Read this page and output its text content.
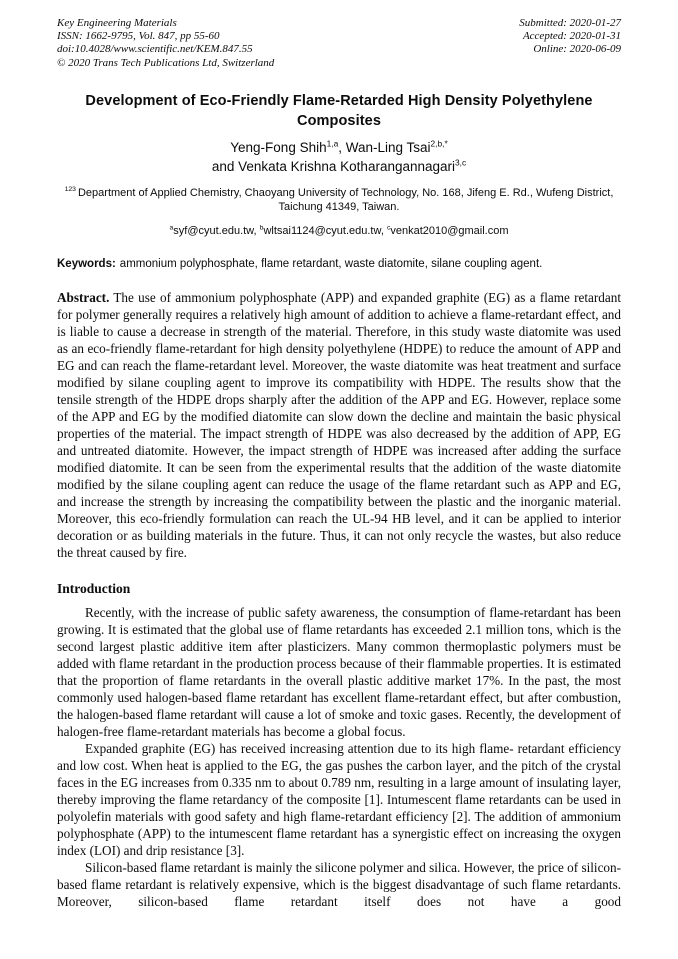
Key Engineering Materials
ISSN: 1662-9795, Vol. 847, pp 55-60
doi:10.4028/www.scientific.net/KEM.847.55
© 2020 Trans Tech Publications Ltd, Switzerland
Submitted: 2020-01-27
Accepted: 2020-01-31
Online: 2020-06-09
Development of Eco-Friendly Flame-Retarded High Density Polyethylene Composites
Yeng-Fong Shih$^{1,a}$, Wan-Ling Tsai$^{2,b,*}$
and Venkata Krishna Kotharangannagari$^{3,c}$

$^{123}$ Department of Applied Chemistry, Chaoyang University of Technology, No. 168, Jifeng E. Rd., Wufeng District, Taichung 41349, Taiwan.

$^a$syf@cyut.edu.tw, $^b$wltsai1124@cyut.edu.tw, $^c$venkat2010@gmail.com

Keywords: ammonium polyphosphate, flame retardant, waste diatomite, silane coupling agent.

Abstract. The use of ammonium polyphosphate (APP) and expanded graphite (EG) as a flame retardant for polymer generally requires a relatively high amount of addition to achieve a flame-retardant effect, and is liable to cause a decrease in strength of the material. Therefore, in this study waste diatomite was used as an eco-friendly flame-retardant for high density polyethylene (HDPE) to reduce the amount of APP and EG and can reach the flame-retardant level. Moreover, the waste diatomite was heat treatment and surface modified by silane coupling agent to improve its compatibility with HDPE. The results show that the tensile strength of the HDPE drops sharply after the addition of the APP and EG. However, replace some of the APP and EG by the modified diatomite can slow down the decline and maintain the basic physical properties of the material. The impact strength of HDPE was also decreased by the addition of APP, EG and untreated diatomite. However, the impact strength of HDPE was increased after adding the surface modified diatomite. It can be seen from the experimental results that the addition of the waste diatomite modified by the silane coupling agent can reduce the usage of the flame retardant such as APP and EG, and increase the strength by increasing the compatibility between the plastic and the inorganic material. Moreover, this eco-friendly formulation can reach the UL-94 HB level, and it can be applied to interior decoration or as building materials in the future. Thus, it can not only recycle the wastes, but also reduce the threat caused by fire.

Introduction

Recently, with the increase of public safety awareness, the consumption of flame-retardant has been growing. It is estimated that the global use of flame retardants has exceeded 2.1 million tons, which is the second largest plastic additive item after plasticizers. Many common thermoplastic polymers must be added with flame retardant in the production process because of their flammable properties. It is estimated that the proportion of flame retardants in the overall plastic additive market 17%. In the past, the most commonly used halogen-based flame retardant has excellent flame-retardant effect, but after combustion, the halogen-based flame retardant will cause a lot of smoke and toxic gases. Recently, the development of halogen-free flame-retardant materials has become a global focus.

Expanded graphite (EG) has received increasing attention due to its high flame- retardant efficiency and low cost. When heat is applied to the EG, the gas pushes the carbon layer, and the pitch of the crystal faces in the EG increases from 0.335 nm to about 0.789 nm, resulting in a large amount of insulating layer, thereby improving the flame retardancy of the composite [1]. Intumescent flame retardants can be used in polyolefin materials with good safety and high flame-retardant efficiency [2]. The addition of ammonium polyphosphate (APP) to the intumescent flame retardant has a synergistic effect on increasing the oxygen index (LOI) and drip resistance [3].

Silicon-based flame retardant is mainly the silicone polymer and silica. However, the price of silicon-based flame retardant is relatively expensive, which is the biggest disadvantage of such flame retardants. Moreover, silicon-based flame retardant itself does not have a good
